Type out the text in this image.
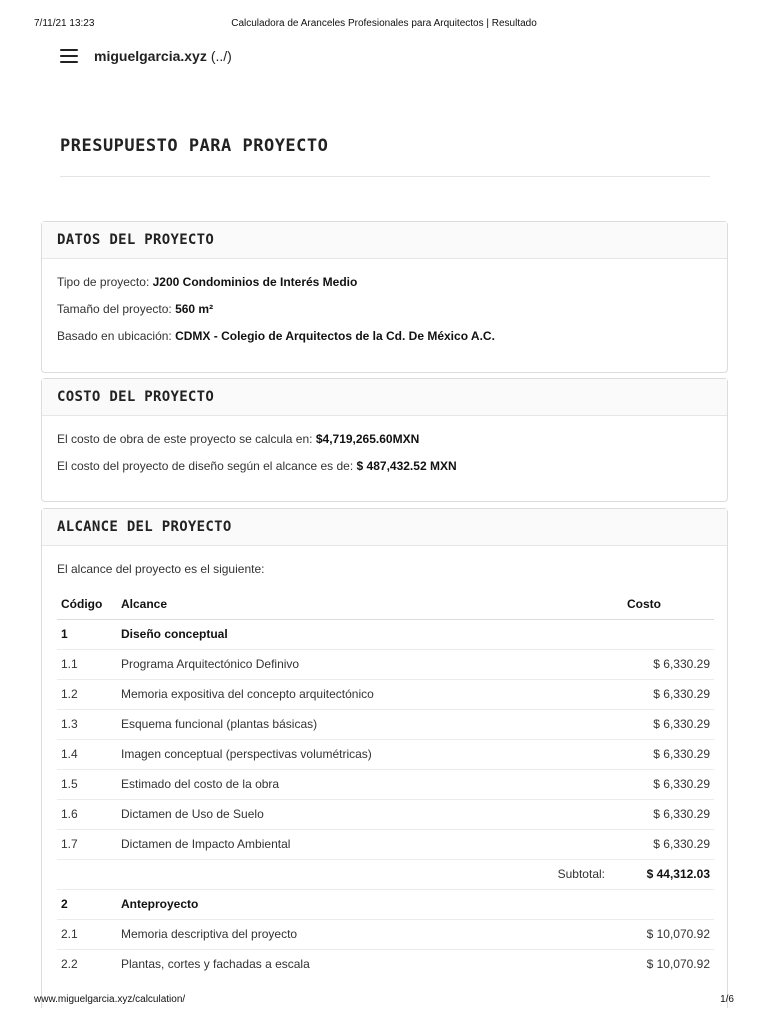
7/11/21 13:23	Calculadora de Aranceles Profesionales para Arquitectos | Resultado
miguelgarcia.xyz (../)
PRESUPUESTO PARA PROYECTO
DATOS DEL PROYECTO

Tipo de proyecto: J200 Condominios de Interés Medio

Tamaño del proyecto: 560 m²

Basado en ubicación: CDMX - Colegio de Arquitectos de la Cd. De México A.C.

COSTO DEL PROYECTO

El costo de obra de este proyecto se calcula en: $4,719,265.60MXN

El costo del proyecto de diseño según el alcance es de: $ 487,432.52 MXN

ALCANCE DEL PROYECTO

El alcance del proyecto es el siguiente:

Código	Alcance		Costo
1	Diseño conceptual		
1.1	Programa Arquitectónico Definivo		$ 6,330.29
1.2	Memoria expositiva del concepto arquitectónico		$ 6,330.29
1.3	Esquema funcional (plantas básicas)		$ 6,330.29
1.4	Imagen conceptual (perspectivas volumétricas)		$ 6,330.29
1.5	Estimado del costo de la obra		$ 6,330.29
1.6	Dictamen de Uso de Suelo		$ 6,330.29
1.7	Dictamen de Impacto Ambiental		$ 6,330.29
	Subtotal:		$ 44,312.03
2	Anteproyecto		
2.1	Memoria descriptiva del proyecto		$ 10,070.92
2.2	Plantas, cortes y fachadas a escala		$ 10,070.92
www.miguelgarcia.xyz/calculation/	1/6
